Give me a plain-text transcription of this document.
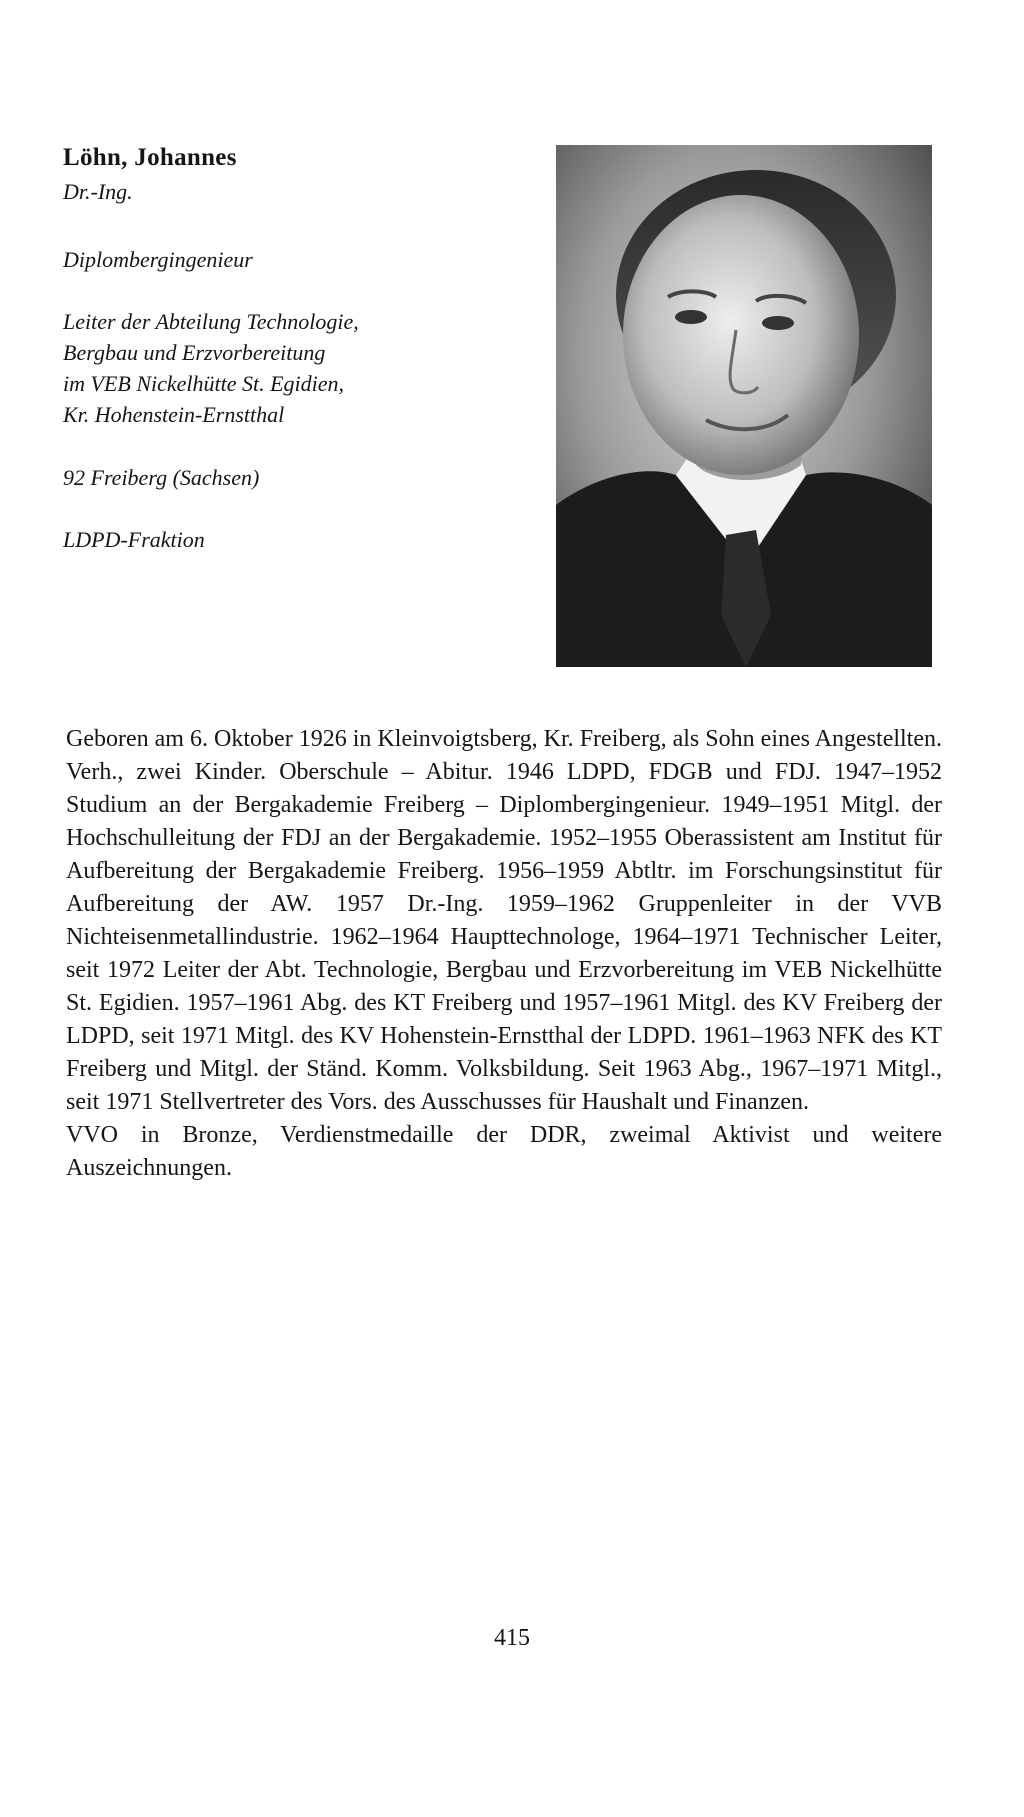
Löhn, Johannes
Dr.-Ing.
Diplombergingenieur
Leiter der Abteilung Technologie,
Bergbau und Erzvorbereitung
im VEB Nickelhütte St. Egidien,
Kr. Hohenstein-Ernstthal
92 Freiberg (Sachsen)
LDPD-Fraktion

Geboren am 6. Oktober 1926 in Kleinvoigtsberg, Kr. Freiberg, als Sohn eines Angestellten. Verh., zwei Kinder. Oberschule – Abitur. 1946 LDPD, FDGB und FDJ. 1947–1952 Studium an der Bergakademie Freiberg – Diplombergingenieur. 1949–1951 Mitgl. der Hochschulleitung der FDJ an der Bergakademie. 1952–1955 Oberassistent am Institut für Aufbereitung der Bergakademie Freiberg. 1956–1959 Abtltr. im Forschungsinstitut für Aufbereitung der AW. 1957 Dr.-Ing. 1959–1962 Gruppenleiter in der VVB Nichteisenmetallindustrie. 1962–1964 Haupttechnologe, 1964–1971 Technischer Leiter, seit 1972 Leiter der Abt. Technologie, Bergbau und Erzvorbereitung im VEB Nickelhütte St. Egidien. 1957–1961 Abg. des KT Freiberg und 1957–1961 Mitgl. des KV Freiberg der LDPD, seit 1971 Mitgl. des KV Hohenstein-Ernstthal der LDPD. 1961–1963 NFK des KT Freiberg und Mitgl. der Ständ. Komm. Volksbildung. Seit 1963 Abg., 1967–1971 Mitgl., seit 1971 Stellvertreter des Vors. des Ausschusses für Haushalt und Finanzen.

VVO in Bronze, Verdienstmedaille der DDR, zweimal Aktivist und weitere Auszeichnungen.

415
